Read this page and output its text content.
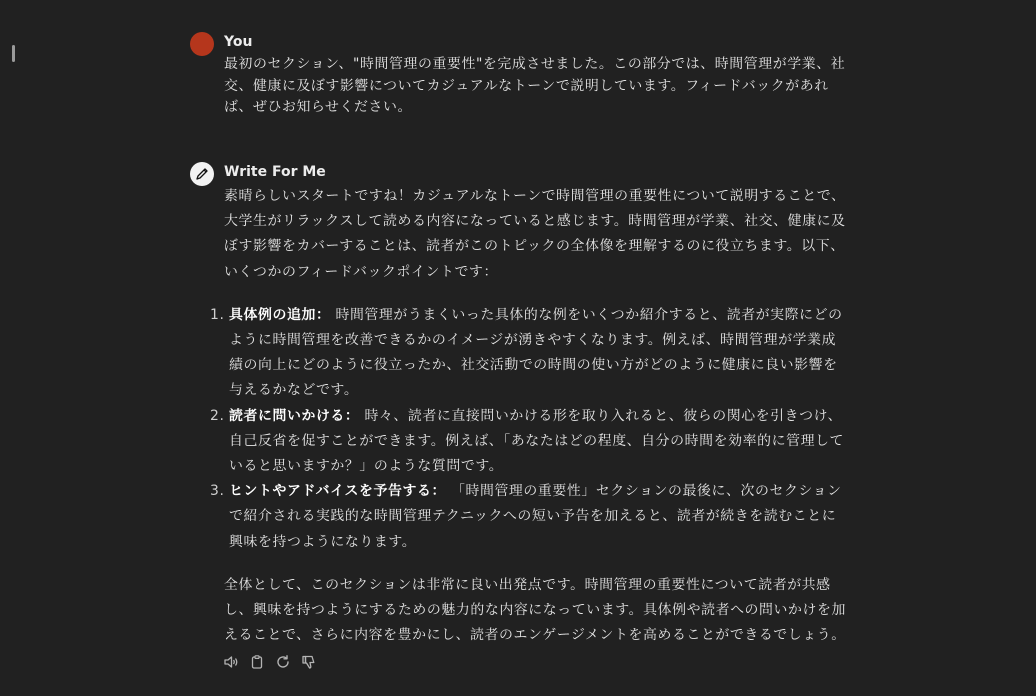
You
最初のセクション、"時間管理の重要性"を完成させました。この部分では、時間管理が学業、社交、健康に及ぼす影響についてカジュアルなトーンで説明しています。フィードバックがあれば、ぜひお知らせください。
Write For Me

素晴らしいスタートですね！カジュアルなトーンで時間管理の重要性について説明することで、大学生がリラックスして読める内容になっていると感じます。時間管理が学業、社交、健康に及ぼす影響をカバーすることは、読者がこのトピックの全体像を理解するのに役立ちます。以下、いくつかのフィードバックポイントです：

1. 具体例の追加： 時間管理がうまくいった具体的な例をいくつか紹介すると、読者が実際にどのように時間管理を改善できるかのイメージが湧きやすくなります。例えば、時間管理が学業成績の向上にどのように役立ったか、社交活動での時間の使い方がどのように健康に良い影響を与えるかなどです。
2. 読者に問いかける： 時々、読者に直接問いかける形を取り入れると、彼らの関心を引きつけ、自己反省を促すことができます。例えば、「あなたはどの程度、自分の時間を効率的に管理していると思いますか？」のような質問です。
3. ヒントやアドバイスを予告する： 「時間管理の重要性」セクションの最後に、次のセクションで紹介される実践的な時間管理テクニックへの短い予告を加えると、読者が続きを読むことに興味を持つようになります。

全体として、このセクションは非常に良い出発点です。時間管理の重要性について読者が共感し、興味を持つようにするための魅力的な内容になっています。具体例や読者への問いかけを加えることで、さらに内容を豊かにし、読者のエンゲージメントを高めることができるでしょう。
